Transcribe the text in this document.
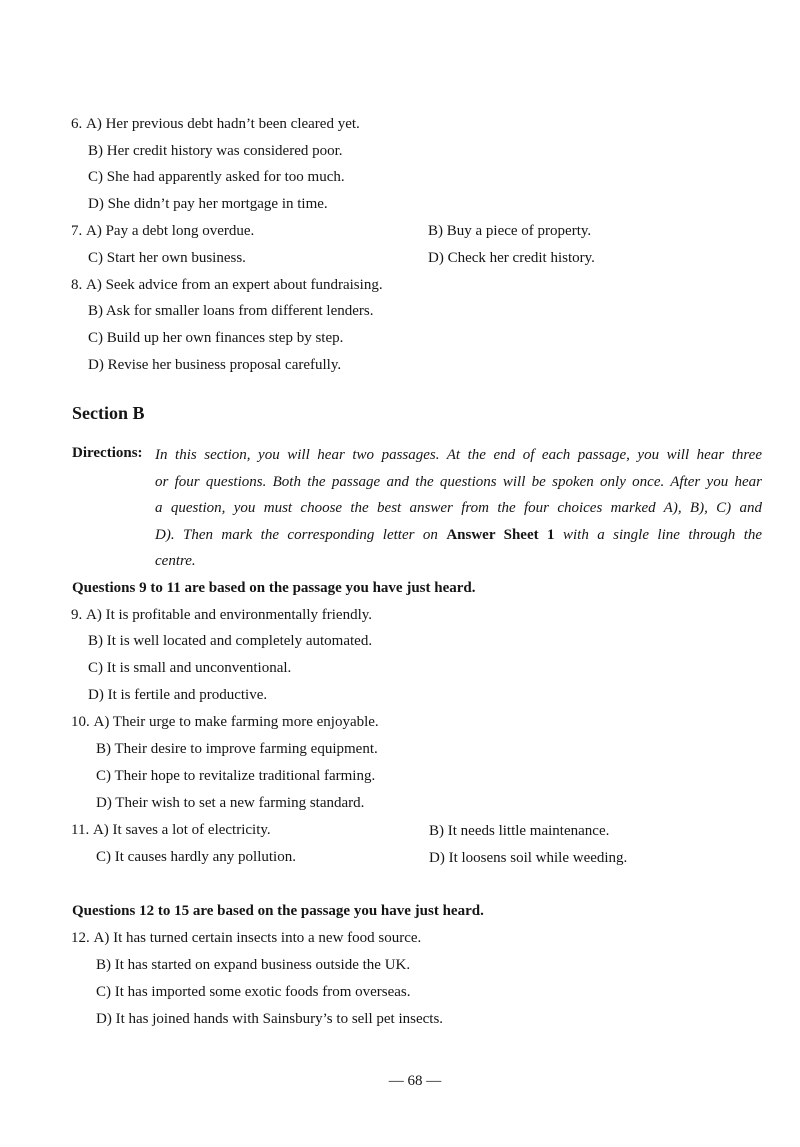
6. A) Her previous debt hadn’t been cleared yet.
B) Her credit history was considered poor.
C) She had apparently asked for too much.
D) She didn’t pay her mortgage in time.
7. A) Pay a debt long overdue.	B) Buy a piece of property.
C) Start her own business.	D) Check her credit history.
8. A) Seek advice from an expert about fundraising.
B) Ask for smaller loans from different lenders.
C) Build up her own finances step by step.
D) Revise her business proposal carefully.
Section B
Directions: In this section, you will hear two passages. At the end of each passage, you will hear three
or four questions. Both the passage and the questions will be spoken only once. After you hear
a question, you must choose the best answer from the four choices marked A), B), C) and
D). Then mark the corresponding letter on Answer Sheet 1 with a single line through the
centre.
Questions 9 to 11 are based on the passage you have just heard.
9. A) It is profitable and environmentally friendly.
B) It is well located and completely automated.
C) It is small and unconventional.
D) It is fertile and productive.
10. A) Their urge to make farming more enjoyable.
B) Their desire to improve farming equipment.
C) Their hope to revitalize traditional farming.
D) Their wish to set a new farming standard.
11. A) It saves a lot of electricity.	B) It needs little maintenance.
C) It causes hardly any pollution.	D) It loosens soil while weeding.
Questions 12 to 15 are based on the passage you have just heard.
12. A) It has turned certain insects into a new food source.
B) It has started on expand business outside the UK.
C) It has imported some exotic foods from overseas.
D) It has joined hands with Sainsbury’s to sell pet insects.
— 68 —
